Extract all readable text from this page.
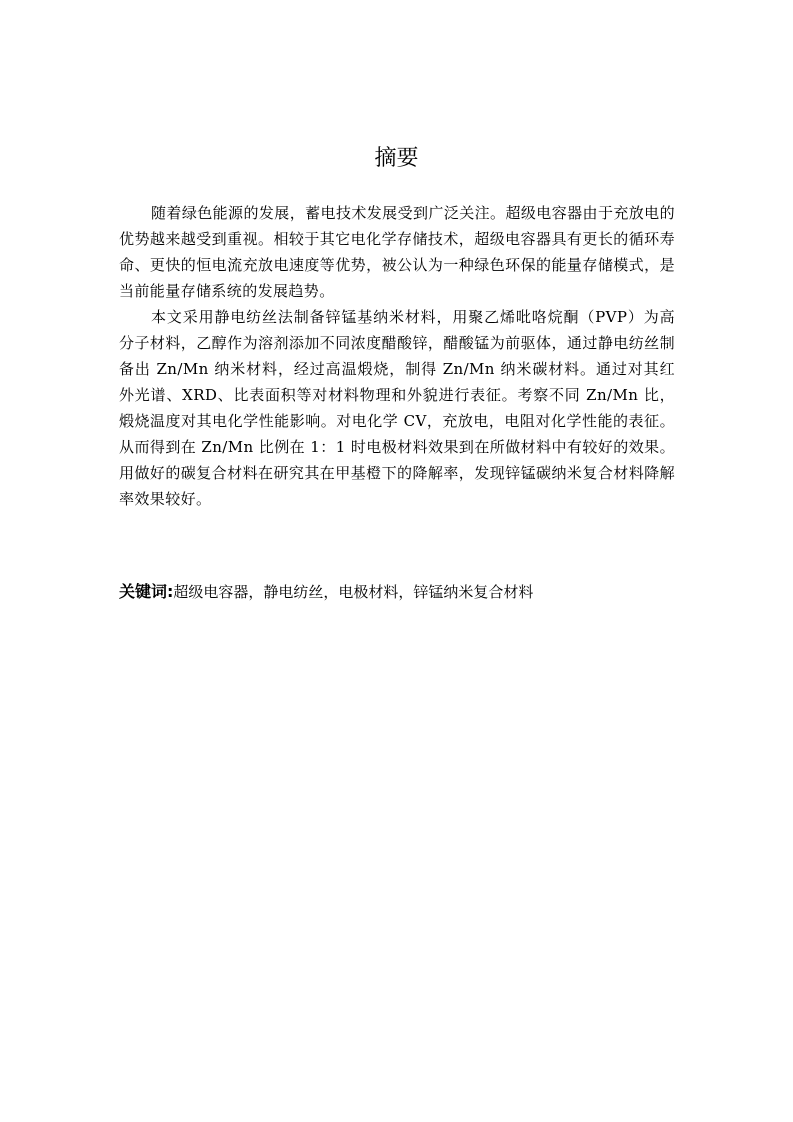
摘要

随着绿色能源的发展，蓄电技术发展受到广泛关注。超级电容器由于充放电的优势越来越受到重视。相较于其它电化学存储技术，超级电容器具有更长的循环寿命、更快的恒电流充放电速度等优势，被公认为一种绿色环保的能量存储模式，是当前能量存储系统的发展趋势。

本文采用静电纺丝法制备锌锰基纳米材料，用聚乙烯吡咯烷酮（PVP）为高分子材料，乙醇作为溶剂添加不同浓度醋酸锌，醋酸锰为前驱体，通过静电纺丝制备出 Zn/Mn 纳米材料，经过高温煅烧，制得 Zn/Mn 纳米碳材料。通过对其红外光谱、XRD、比表面积等对材料物理和外貌进行表征。考察不同 Zn/Mn 比，煅烧温度对其电化学性能影响。对电化学 CV，充放电，电阻对化学性能的表征。从而得到在 Zn/Mn 比例在 1：1 时电极材料效果到在所做材料中有较好的效果。用做好的碳复合材料在研究其在甲基橙下的降解率，发现锌锰碳纳米复合材料降解率效果较好。

关键词:超级电容器，静电纺丝，电极材料，锌锰纳米复合材料
